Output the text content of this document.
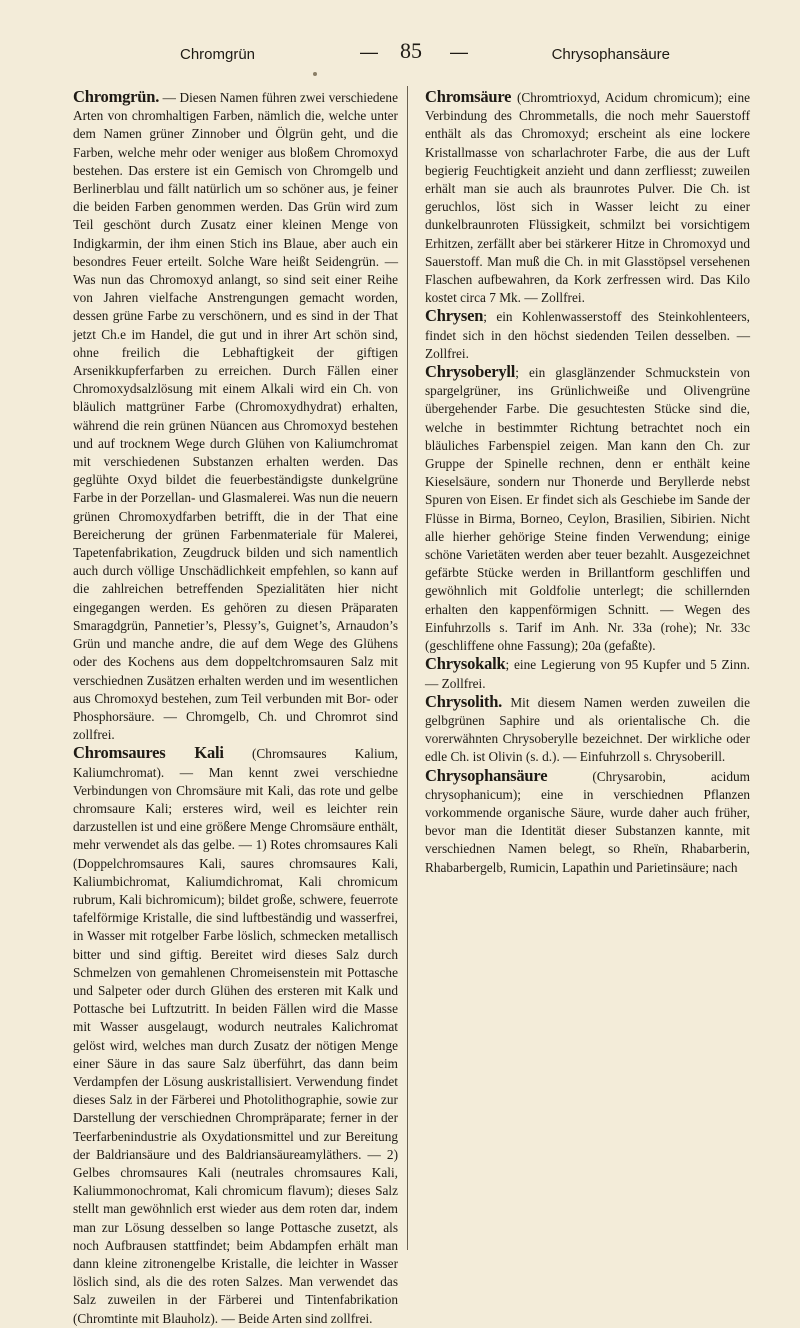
Chromgrün	— 85 —	Chrysophansäure

Chromgrün. — Diesen Namen führen zwei verschiedene Arten von chromhaltigen Farben, nämlich die, welche unter dem Namen grüner Zinnober und Ölgrün geht, und die Farben, welche mehr oder weniger aus bloßem Chromoxyd bestehen. Das erstere ist ein Gemisch von Chromgelb und Berlinerblau und fällt natürlich um so schöner aus, je feiner die beiden Farben genommen werden. Das Grün wird zum Teil geschönt durch Zusatz einer kleinen Menge von Indigkarmin, der ihm einen Stich ins Blaue, aber auch ein besondres Feuer erteilt. Solche Ware heißt Seidengrün. — Was nun das Chromoxyd anlangt, so sind seit einer Reihe von Jahren vielfache Anstrengungen gemacht worden, dessen grüne Farbe zu verschönern, und es sind in der That jetzt Ch.e im Handel, die gut und in ihrer Art schön sind, ohne freilich die Lebhaftigkeit der giftigen Arsenikkupferfarben zu erreichen. Durch Fällen einer Chromoxydsalzlösung mit einem Alkali wird ein Ch. von bläulich mattgrüner Farbe (Chromoxydhydrat) erhalten, während die rein grünen Nüancen aus Chromoxyd bestehen und auf trocknem Wege durch Glühen von Kaliumchromat mit verschiedenen Substanzen erhalten werden. Das geglühte Oxyd bildet die feuerbeständigste dunkelgrüne Farbe in der Porzellan- und Glasmalerei. Was nun die neuern grünen Chromoxydfarben betrifft, die in der That eine Bereicherung der grünen Farbenmateriale für Malerei, Tapetenfabrikation, Zeugdruck bilden und sich namentlich auch durch völlige Unschädlichkeit empfehlen, so kann auf die zahlreichen betreffenden Spezialitäten hier nicht eingegangen werden. Es gehören zu diesen Präparaten Smaragdgrün, Pannetier’s, Plessy’s, Guignet’s, Arnaudon’s Grün und manche andre, die auf dem Wege des Glühens oder des Kochens aus dem doppeltchromsauren Salz mit verschiednen Zusätzen erhalten werden und im wesentlichen aus Chromoxyd bestehen, zum Teil verbunden mit Bor- oder Phosphorsäure. — Chromgelb, Ch. und Chromrot sind zollfrei.

Chromsaures Kali (Chromsaures Kalium, Kaliumchromat). — Man kennt zwei verschiedne Verbindungen von Chromsäure mit Kali, das rote und gelbe chromsaure Kali; ersteres wird, weil es leichter rein darzustellen ist und eine größere Menge Chromsäure enthält, mehr verwendet als das gelbe. — 1) Rotes chromsaures Kali (Doppelchromsaures Kali, saures chromsaures Kali, Kaliumbichromat, Kaliumdichromat, Kali chromicum rubrum, Kali bichromicum); bildet große, schwere, feuerrote tafelförmige Kristalle, die sind luftbeständig und wasserfrei, in Wasser mit rotgelber Farbe löslich, schmecken metallisch bitter und sind giftig. Bereitet wird dieses Salz durch Schmelzen von gemahlenen Chromeisenstein mit Pottasche und Salpeter oder durch Glühen des ersteren mit Kalk und Pottasche bei Luftzutritt. In beiden Fällen wird die Masse mit Wasser ausgelaugt, wodurch neutrales Kalichromat gelöst wird, welches man durch Zusatz der nötigen Menge einer Säure in das saure Salz überführt, das dann beim Verdampfen der Lösung auskristallisiert. Verwendung findet dieses Salz in der Färberei und Photolithographie, sowie zur Darstellung der verschiednen Chrompräparate; ferner in der Teerfarbenindustrie als Oxydationsmittel und zur Bereitung der Baldriansäure und des Baldriansäureamyläthers. — 2) Gelbes chromsaures Kali (neutrales chromsaures Kali, Kaliummonochromat, Kali chromicum flavum); dieses Salz stellt man gewöhnlich erst wieder aus dem roten dar, indem man zur Lösung desselben so lange Pottasche zusetzt, als noch Aufbrausen stattfindet; beim Abdampfen erhält man dann kleine zitronengelbe Kristalle, die leichter in Wasser löslich sind, als die des roten Salzes. Man verwendet das Salz zuweilen in der Färberei und Tintenfabrikation (Chromtinte mit Blauholz). — Beide Arten sind zollfrei.

Chromsäure (Chromtrioxyd, Acidum chromicum); eine Verbindung des Chrommetalls, die noch mehr Sauerstoff enthält als das Chromoxyd; erscheint als eine lockere Kristallmasse von scharlachroter Farbe, die aus der Luft begierig Feuchtigkeit anzieht und dann zerfliesst; zuweilen erhält man sie auch als braunrotes Pulver. Die Ch. ist geruchlos, löst sich in Wasser leicht zu einer dunkelbraunroten Flüssigkeit, schmilzt bei vorsichtigem Erhitzen, zerfällt aber bei stärkerer Hitze in Chromoxyd und Sauerstoff. Man muß die Ch. in mit Glasstöpsel versehenen Flaschen aufbewahren, da Kork zerfressen wird. Das Kilo kostet circa 7 Mk. — Zollfrei.

Chrysen; ein Kohlenwasserstoff des Steinkohlenteers, findet sich in den höchst siedenden Teilen desselben. — Zollfrei.

Chrysoberyll; ein glasglänzender Schmuckstein von spargelgrüner, ins Grünlichweiße und Olivengrüne übergehender Farbe. Die gesuchtesten Stücke sind die, welche in bestimmter Richtung betrachtet noch ein bläuliches Farbenspiel zeigen. Man kann den Ch. zur Gruppe der Spinelle rechnen, denn er enthält keine Kieselsäure, sondern nur Thonerde und Beryllerde nebst Spuren von Eisen. Er findet sich als Geschiebe im Sande der Flüsse in Birma, Borneo, Ceylon, Brasilien, Sibirien. Nicht alle hierher gehörige Steine finden Verwendung; einige schöne Varietäten werden aber teuer bezahlt. Ausgezeichnet gefärbte Stücke werden in Brillantform geschliffen und gewöhnlich mit Goldfolie unterlegt; die schillernden erhalten den kappenförmigen Schnitt. — Wegen des Einfuhrzolls s. Tarif im Anh. Nr. 33a (rohe); Nr. 33c (geschliffene ohne Fassung); 20a (gefaßte).

Chrysokalk; eine Legierung von 95 Kupfer und 5 Zinn. — Zollfrei.

Chrysolith. Mit diesem Namen werden zuweilen die gelbgrünen Saphire und als orientalische Ch. die vorerwähnten Chrysoberylle bezeichnet. Der wirkliche oder edle Ch. ist Olivin (s. d.). — Einfuhrzoll s. Chrysoberill.

Chrysophansäure (Chrysarobin, acidum chrysophanicum); eine in verschiednen Pflanzen vorkommende organische Säure, wurde daher auch früher, bevor man die Identität dieser Substanzen kannte, mit verschiednen Namen belegt, so Rheïn, Rhabarberin, Rhabarbergelb, Rumicin, Lapathin und Parietinsäure; nach
